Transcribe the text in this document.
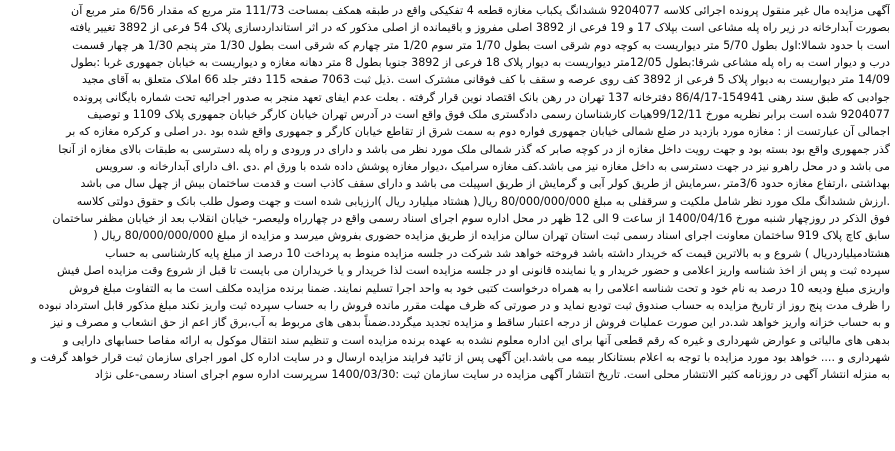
آگهی مزایده مال غیر منقول پرونده اجرائی کلاسه 9204077 ششدانگ یکباب مغازه قطعه 4 تفکیکی واقع در طبقه همکف بمساحت 111/73 متر مربع که مقدار 6/56 متر مربع آن
بصورت آبدارخانه در زیر راه پله مشاعی است بپلاک 17 و 19 فرعی از 3892 اصلی مفروز و باقیمانده از اصلی مذکور که در اثر استانداردسازی پلاک 54 فرعی از 3892 تغییر یافته
است با حدود شمالا:اول بطول 5/70 متر دیواریست به کوچه دوم شرقی است بطول 1/70 متر سوم 1/20 متر چهارم که شرقی است بطول 1/30 متر پنجم 1/30 هر چهار قسمت
درب و دیوار است به راه پله مشاعی شرقا:بطول 12/05متر دیواریست به دیوار پلاک 18 فرعی از 3892 جنوبا بطول 8 متر دهانه مغازه و دیواریست به خیابان جمهوری غربا :بطول
14/09 متر دیواریست به دیوار پلاک 5 فرعی از 3892 کف روی عرصه و سقف با کف فوقانی مشترک است .ذیل ثبت 7063 صفحه 115 دفتر جلد 66 املاک متعلق به آقای مجید
جوادبی که طبق سند رهنی 154941-86/4/17 دفترخانه 137 تهران در رهن بانک اقتصاد نوین قرار گرفته . بعلت عدم ایفای تعهد منجر به صدور اجرائیه تحت شماره بایگانی پرونده
9204077 شده است برابر نظریه مورخ 99/12/11هیات کارشناسان رسمی دادگستری ملک فوق واقع است در آدرس تهران خیابان کارگر خیابان جمهوری پلاک 1109 و توصیف
اجمالی آن عبارتست از : مغازه مورد بازدید در ضلع شمالی خیابان جمهوری فواره دوم به سمت شرق از تقاطع خیابان کارگر و جمهوری واقع شده بود .در اصلی و کرکره مغازه که بر
گذر جمهوری واقع بود بسته بود و جهت رویت داخل مغازه از در کوچه صابر که گذر شمالی ملک مورد نظر می باشد و دارای در ورودی و راه پله دسترسی به طبقات بالای مغازه از آنجا
می باشد و در محل راهرو نیز در جهت دسترسی به داخل مغازه نیز می باشد.کف مغازه سرامیک ،دیوار مغازه پوشش داده شده با ورق ام .دی .اف دارای آبدارخانه و. سرویس
بهداشتی ،ارتفاع مغازه حدود 3/6متر ،سرمایش از طریق کولر آبی و گرمایش از طریق اسپیلت می باشد و دارای سقف کاذب است و قدمت ساختمان بیش از چهل سال می باشد
.ارزش ششدانگ ملک مورد نظر شامل ملکیت و سرقفلی به مبلغ 80/000/000/000 ریال( هشتاد میلیارد ریال )ارزیابی شده است و جهت وصول طلب بانک و حقوق دولتی کلاسه
فوق الذکر در روزچهار شنبه مورخ 1400/04/16 از ساعت 9 الی 12 ظهر در محل اداره سوم اجرای اسناد رسمی واقع در چهارراه ولیعصر- خیابان انقلاب بعد از خیابان مظفر ساختمان
سابق کاچ پلاک 919 ساختمان معاونت اجرای اسناد رسمی ثبت استان تهران سالن مزایده از طریق مزایده حضوری بفروش میرسد و مزایده از مبلغ 80/000/000/000 ریال (
هشتادمیلیاردریال ) شروع و به بالاترین قیمت که خریدار داشته باشد فروخته خواهد شد شرکت در جلسه مزایده منوط به پرداخت 10 درصد از مبلغ پایه کارشناسی به حساب
سپرده ثبت و پس از اخذ شناسه واریز اعلامی و حضور خریدار و یا نماینده قانونی او در جلسه مزایده است لذا خریدار و یا خریداران می بایست تا قبل از شروع وقت مزایده اصل فیش
واریزی مبلغ ودیعه 10 درصد به نام خود و تحت شناسه اعلامی را به همراه درخواست کتبی خود به واحد اجرا تسلیم نمایند. ضمنا برنده مزایده مکلف است ما به التفاوت مبلغ فروش
را ظرف مدت پنج روز از تاریخ مزایده به حساب صندوق ثبت تودیع نماید و در صورتی که ظرف مهلت مقرر مانده فروش را به حساب سپرده ثبت واریز نکند مبلغ مذکور قابل استرداد نبوده
و به حساب خزانه واریز خواهد شد.در این صورت عملیات فروش از درجه اعتبار ساقط و مزایده تجدید میگردد.ضمناً بدهی های مربوط به آب،برق گاز اعم از حق انشعاب و مصرف و نیز
بدهی های مالیاتی و عوارض شهرداری و غیره که رقم قطعی آنها برای این اداره معلوم نشده به عهده برنده مزایده است و تنظیم سند انتقال موکول به ارائه مفاصا حسابهای دارایی و
شهرداری و .... خواهد بود مورد مزایده با توجه به اعلام بستانکار بیمه می باشد.این آگهی پس از تائید فرایند مزایده ارسال و در سایت اداره کل امور اجرای سازمان ثبت قرار خواهد گرفت و
به منزله انتشار آگهی در روزنامه کثیر الانتشار محلی است. تاریخ انتشار آگهی مزایده در سایت سازمان ثبت :1400/03/30 سرپرست اداره سوم اجرای اسناد رسمی-علی نژاد
